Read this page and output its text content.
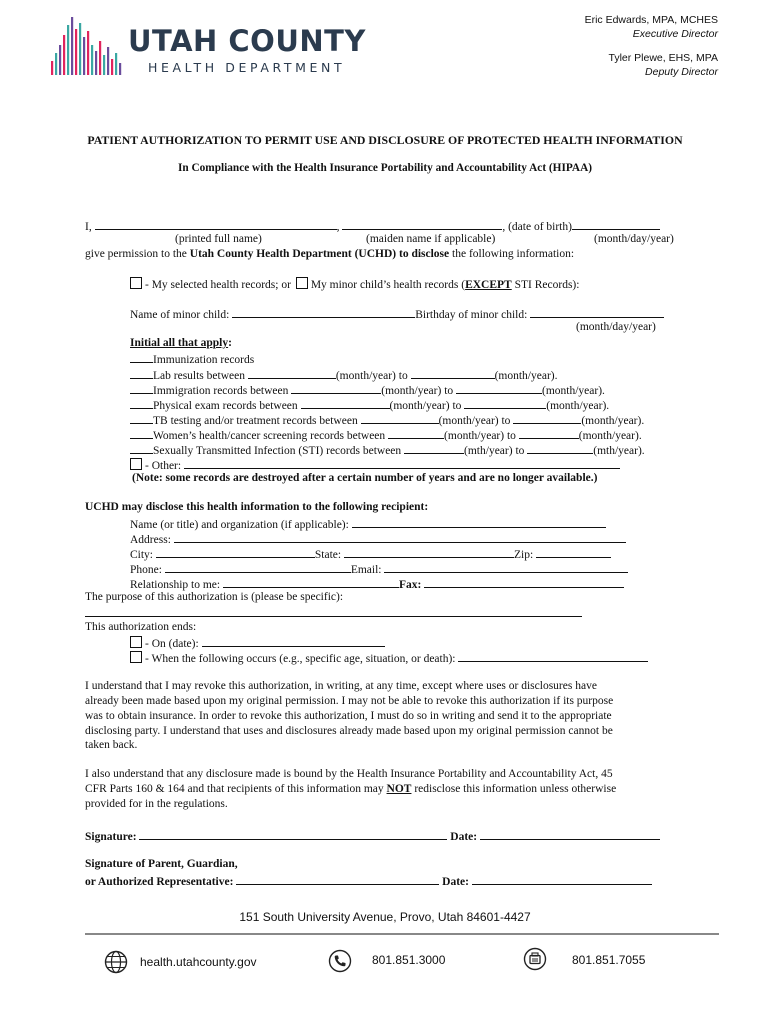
UTAH COUNTY
HEALTH DEPARTMENT
Eric Edwards, MPA, MCHES
Executive Director
Tyler Plewe, EHS, MPA
Deputy Director
PATIENT AUTHORIZATION TO PERMIT USE AND DISCLOSURE OF PROTECTED HEALTH INFORMATION
In Compliance with the Health Insurance Portability and Accountability Act (HIPAA)
I,	,	, (date of birth)
(printed full name)	(maiden name if applicable)	(month/day/year)
give permission to the Utah County Health Department (UCHD) to disclose the following information:
- My selected health records; or My minor child’s health records (EXCEPT STI Records):
Name of minor child:	Birthday of minor child:
(month/day/year)
Initial all that apply:
Immunization records
Lab results between	(month/year) to	(month/year).
Immigration records between	(month/year) to	(month/year).
Physical exam records between	(month/year) to	(month/year).
TB testing and/or treatment records between	(month/year) to	(month/year).
Women’s health/cancer screening records between	(month/year) to	(month/year).
Sexually Transmitted Infection (STI) records between	(mth/year) to	(mth/year).
- Other:
(Note: some records are destroyed after a certain number of years and are no longer available.)
UCHD may disclose this health information to the following recipient:
Name (or title) and organization (if applicable):
Address:
City:	State:	Zip:
Phone:	Email:
Relationship to me:	Fax:
The purpose of this authorization is (please be specific):
This authorization ends:
- On (date):
- When the following occurs (e.g., specific age, situation, or death):
I understand that I may revoke this authorization, in writing, at any time, except where uses or disclosures have
already been made based upon my original permission. I may not be able to revoke this authorization if its purpose
was to obtain insurance. In order to revoke this authorization, I must do so in writing and send it to the appropriate
disclosing party. I understand that uses and disclosures already made based upon my original permission cannot be
taken back.
I also understand that any disclosure made is bound by the Health Insurance Portability and Accountability Act, 45
CFR Parts 160 & 164 and that recipients of this information may NOT redisclose this information unless otherwise
provided for in the regulations.
Signature:	Date:
Signature of Parent, Guardian,
or Authorized Representative:	Date:
151 South University Avenue, Provo, Utah 84601-4427
health.utahcounty.gov	801.851.3000	801.851.7055
